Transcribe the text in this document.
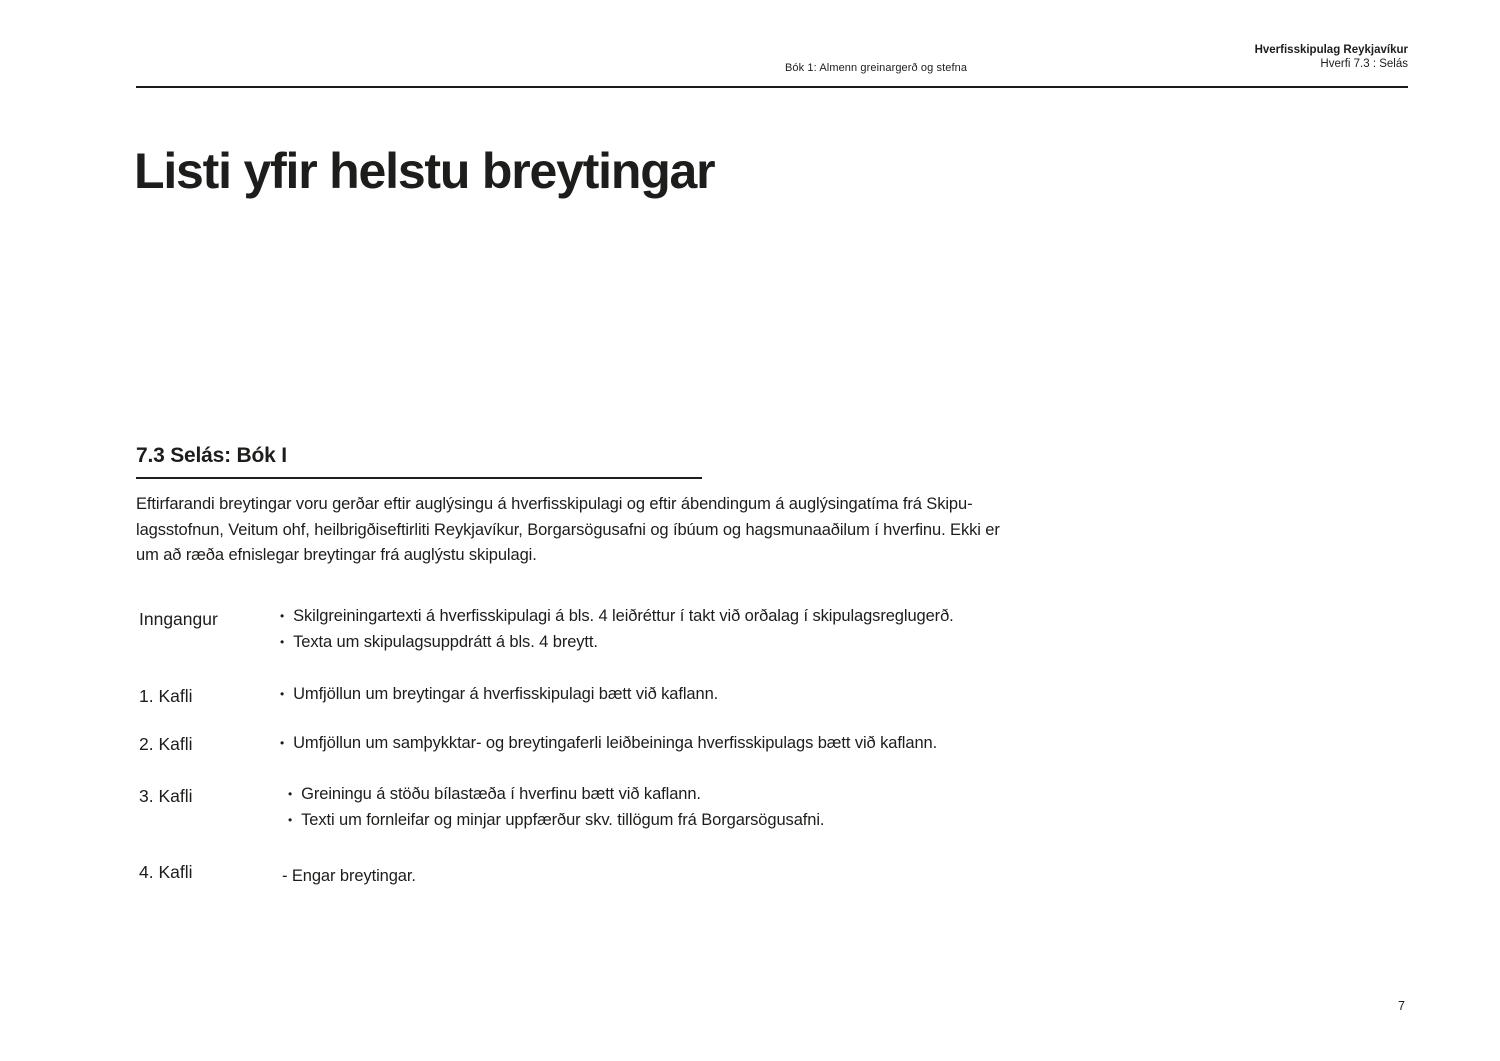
Bók 1: Almenn greinargerð og stefna
Hverfisskipulag Reykjavíkur
Hverfi 7.3 : Selás
Listi yfir helstu breytingar
7.3 Selás: Bók I
Eftirfarandi breytingar voru gerðar eftir auglýsingu á hverfisskipulagi og eftir ábendingum á auglýsingatíma frá Skipu-
lagsstofnun, Veitum ohf, heilbrigðiseftirliti Reykjavíkur, Borgarsögusafni og íbúum og hagsmunaaðilum í hverfinu. Ekki er
um að ræða efnislegar breytingar frá auglýstu skipulagi.
Inngangur	• Skilgreiningartexti á hverfisskipulagi á bls. 4 leiðréttur í takt við orðalag í skipulagsreglugerð.
• Texta um skipulagsuppdrátt á bls. 4 breytt.
1. Kafli	• Umfjöllun um breytingar á hverfisskipulagi bætt við kaflann.
2. Kafli	• Umfjöllun um samþykktar- og breytingaferli leiðbeininga hverfisskipulags bætt við kaflann.
3. Kafli	• Greiningu á stöðu bílastæða í hverfinu bætt við kaflann.
• Texti um fornleifar og minjar uppfærður skv. tillögum frá Borgarsögusafni.
4. Kafli	- Engar breytingar.
7
